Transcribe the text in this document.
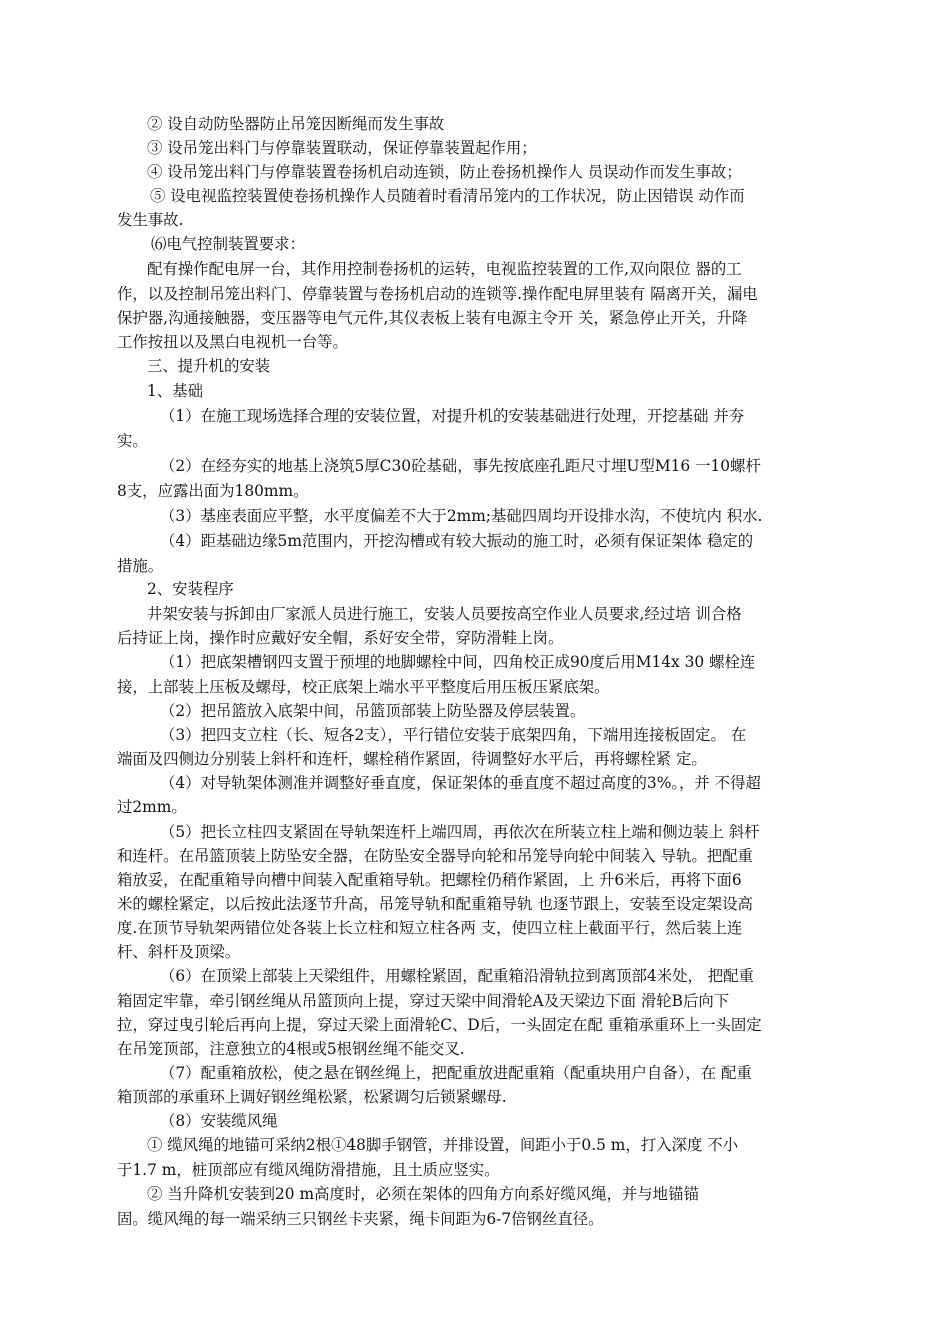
② 设自动防坠器防止吊笼因断绳而发生事故
③ 设吊笼出料门与停靠装置联动，保证停靠装置起作用；
④ 设吊笼出料门与停靠装置卷扬机启动连锁，防止卷扬机操作人 员误动作而发生事故；
⑤ 设电视监控装置使卷扬机操作人员随着时看清吊笼内的工作状况，防止因错误 动作而
发生事故.
⑹电气控制装置要求：
配有操作配电屏一台，其作用控制卷扬机的运转，电视监控装置的工作,双向限位 器的工
作，以及控制吊笼出料门、停靠装置与卷扬机启动的连锁等.操作配电屏里装有 隔离开关，漏电
保护器,沟通接触器，变压器等电气元件,其仪表板上装有电源主令开 关，紧急停止开关，升降
工作按扭以及黑白电视机一台等。
三、提升机的安装
1、基础
（1）在施工现场选择合理的安装位置，对提升机的安装基础进行处理，开挖基础 并夯
实。
（2）在经夯实的地基上浇筑5厚C30砼基础，事先按底座孔距尺寸埋U型M16 一10螺杆
8支，应露出面为180mm。
（3）基座表面应平整，水平度偏差不大于2mm;基础四周均开设排水沟，不使坑内 积水.
（4）距基础边缘5m范围内，开挖沟槽或有较大振动的施工时，必须有保证架体 稳定的
措施。
2、安装程序
井架安装与拆卸由厂家派人员进行施工，安装人员要按高空作业人员要求,经过培 训合格
后持证上岗，操作时应戴好安全帽，系好安全带，穿防滑鞋上岗。
（1）把底架槽钢四支置于预埋的地脚螺栓中间，四角校正成90度后用M14x 30 螺栓连
接，上部装上压板及螺母，校正底架上端水平平整度后用压板压紧底架。
（2）把吊篮放入底架中间，吊篮顶部装上防坠器及停层装置。
（3）把四支立柱（长、短各2支），平行错位安装于底架四角，下端用连接板固定。 在
端面及四侧边分别装上斜杆和连杆，螺栓稍作紧固，待调整好水平后，再将螺栓紧 定。
（4）对导轨架体测准并调整好垂直度，保证架体的垂直度不超过高度的3%。，并 不得超
过2mm。
（5）把长立柱四支紧固在导轨架连杆上端四周，再依次在所装立柱上端和侧边装上 斜杆
和连杆。在吊篮顶装上防坠安全器，在防坠安全器导向轮和吊笼导向轮中间装入 导轨。把配重
箱放妥，在配重箱导向槽中间装入配重箱导轨。把螺栓仍稍作紧固，上 升6米后，再将下面6
米的螺栓紧定，以后按此法逐节升高，吊笼导轨和配重箱导轨 也逐节跟上，安装至设定架设高
度.在顶节导轨架两错位处各装上长立柱和短立柱各两 支，使四立柱上截面平行，然后装上连
杆、斜杆及顶梁。
（6）在顶梁上部装上天梁组件，用螺栓紧固，配重箱沿滑轨拉到离顶部4米处， 把配重
箱固定牢靠，牵引钢丝绳从吊篮顶向上提，穿过天梁中间滑轮A及天梁边下面 滑轮B后向下
拉，穿过曳引轮后再向上提，穿过天梁上面滑轮C、D后，一头固定在配 重箱承重环上一头固定
在吊笼顶部，注意独立的4根或5根钢丝绳不能交叉.
（7）配重箱放松，使之悬在钢丝绳上，把配重放进配重箱（配重块用户自备），在 配重
箱顶部的承重环上调好钢丝绳松紧，松紧调匀后锁紧螺母.
（8）安装缆风绳
① 缆风绳的地锚可采纳2根①48脚手钢管，并排设置，间距小于0.5 m，打入深度 不小
于1.7 m，桩顶部应有缆风绳防滑措施，且土质应竖实。
② 当升降机安装到20 m高度时，必须在架体的四角方向系好缆风绳，并与地锚锚
固。缆风绳的每一端采纳三只钢丝卡夹紧，绳卡间距为6-7倍钢丝直径。
